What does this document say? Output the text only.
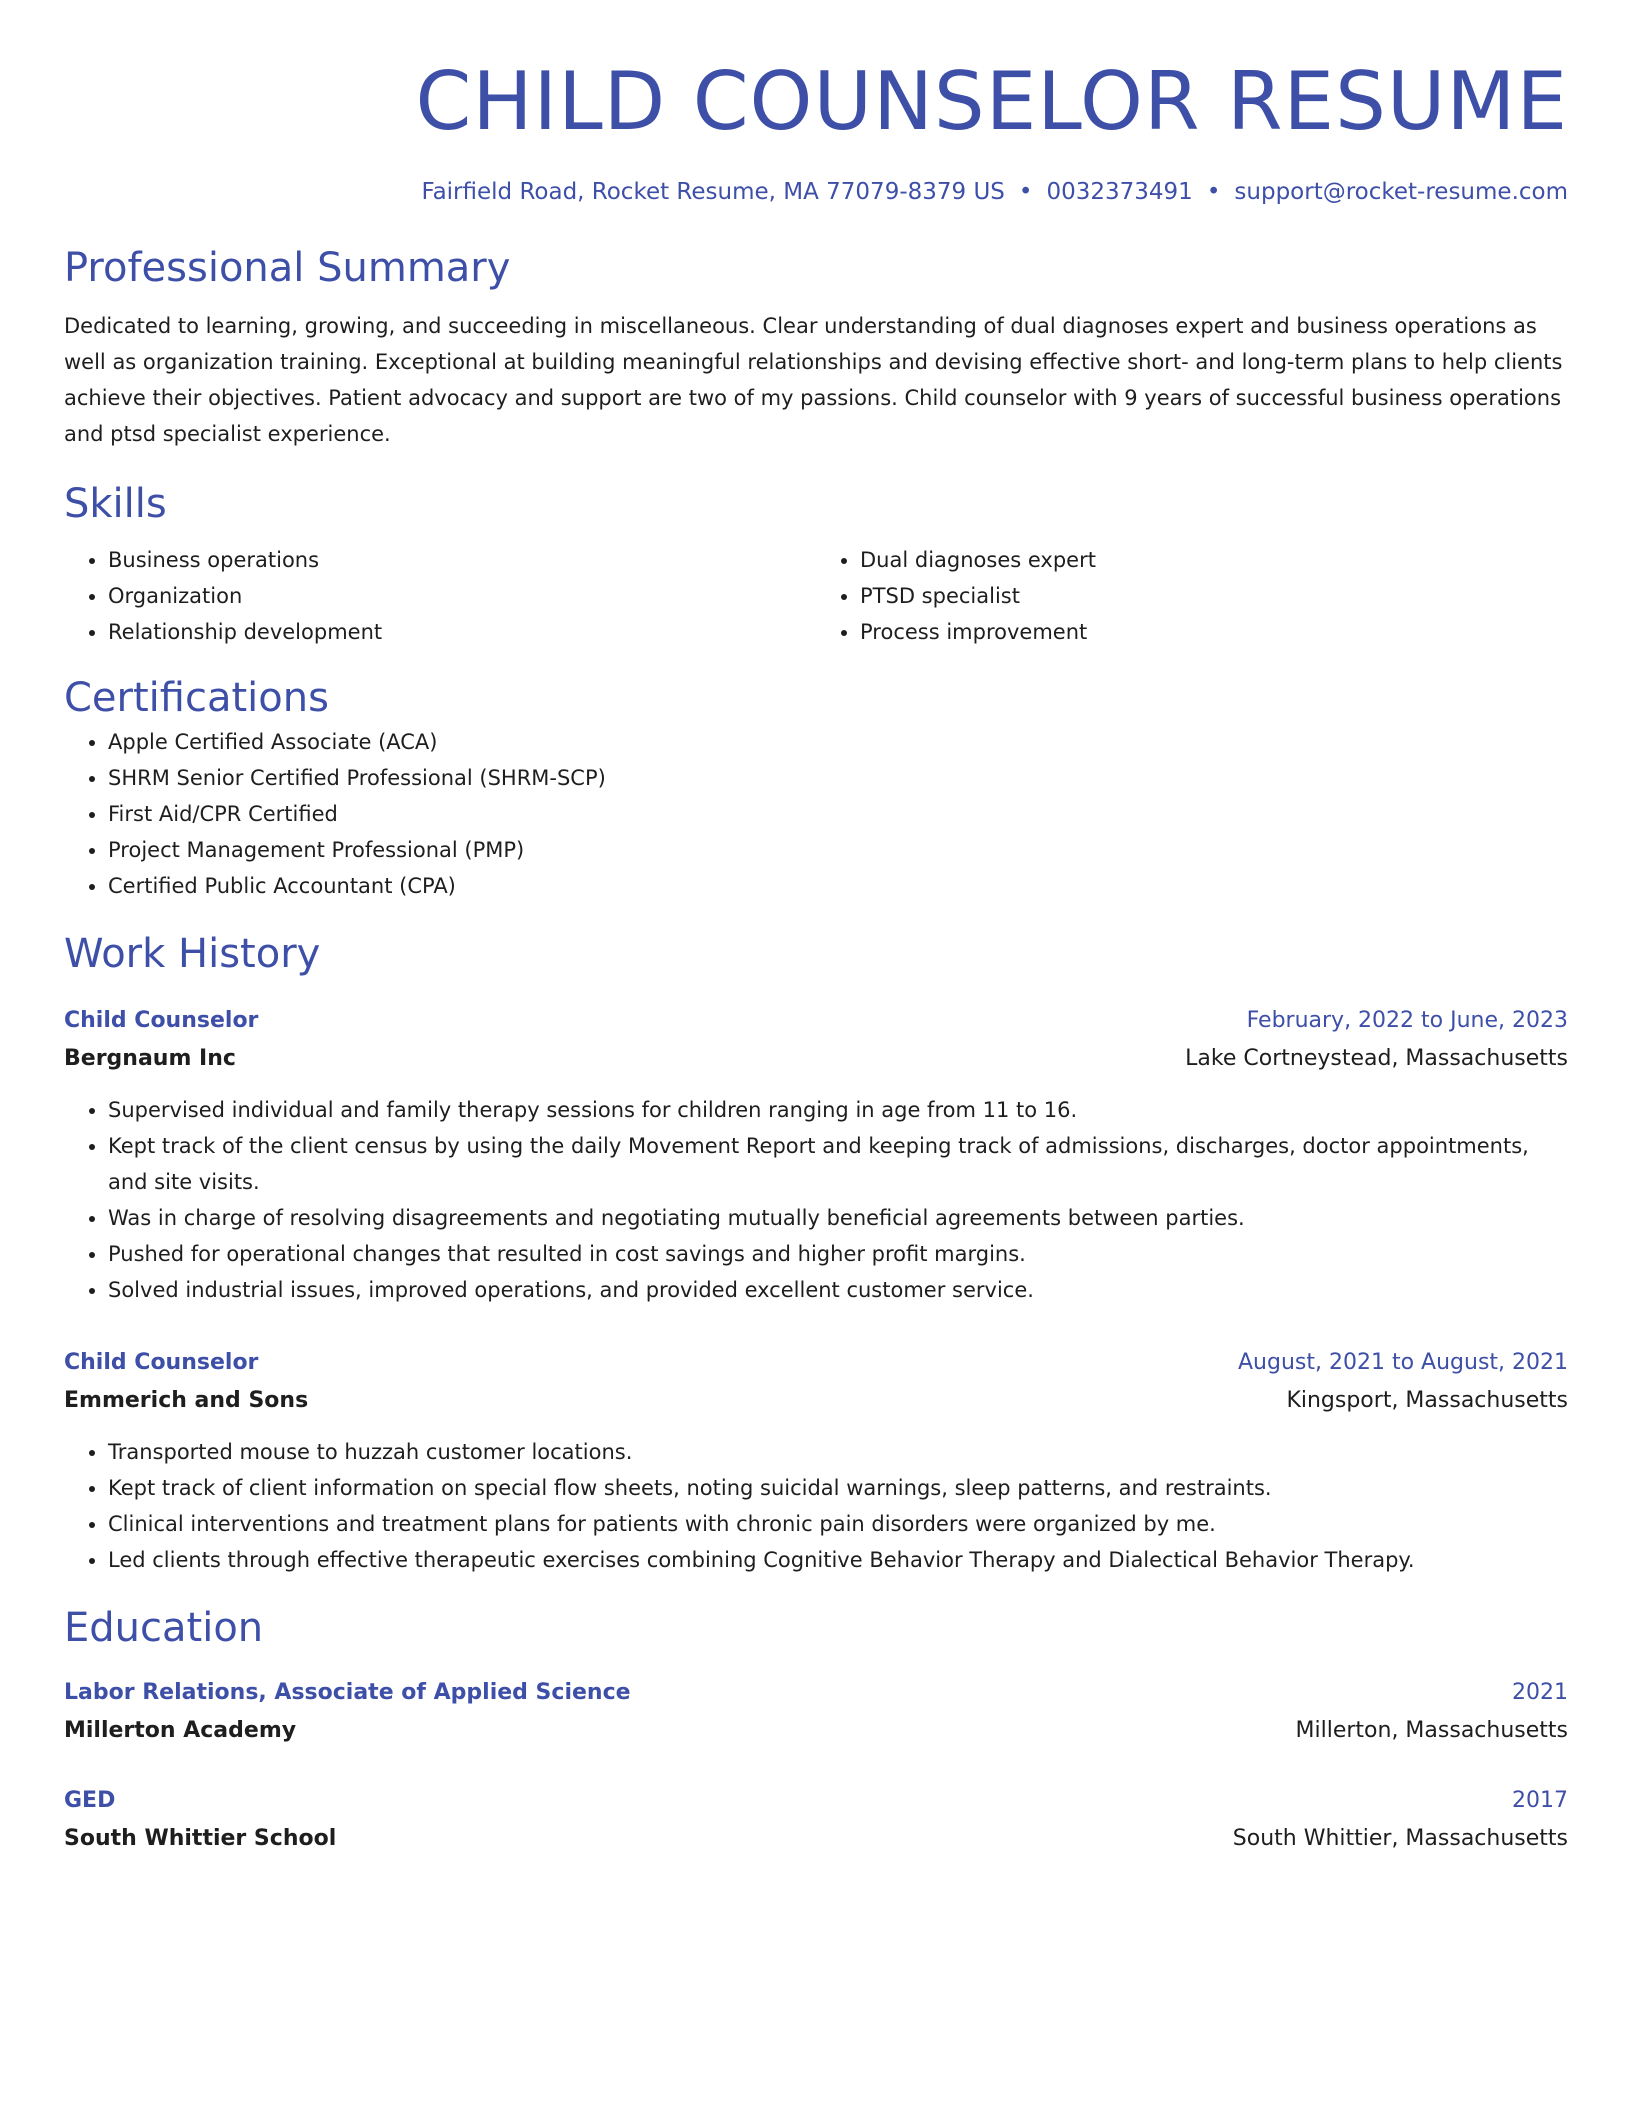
CHILD COUNSELOR RESUME
Fairfield Road, Rocket Resume, MA 77079-8379 US • 0032373491 • support@rocket-resume.com
Professional Summary

Dedicated to learning, growing, and succeeding in miscellaneous. Clear understanding of dual diagnoses expert and business operations as well as organization training. Exceptional at building meaningful relationships and devising effective short- and long-term plans to help clients achieve their objectives. Patient advocacy and support are two of my passions. Child counselor with 9 years of successful business operations and ptsd specialist experience.

Skills
• Business operations
• Organization
• Relationship development
• Dual diagnoses expert
• PTSD specialist
• Process improvement
Certifications
• Apple Certified Associate (ACA)
• SHRM Senior Certified Professional (SHRM-SCP)
• First Aid/CPR Certified
• Project Management Professional (PMP)
• Certified Public Accountant (CPA)
Work History
Child Counselor	February, 2022 to June, 2023
Bergnaum Inc	Lake Cortneystead, Massachusetts
• Supervised individual and family therapy sessions for children ranging in age from 11 to 16.
• Kept track of the client census by using the daily Movement Report and keeping track of admissions, discharges, doctor appointments, and site visits.
• Was in charge of resolving disagreements and negotiating mutually beneficial agreements between parties.
• Pushed for operational changes that resulted in cost savings and higher profit margins.
• Solved industrial issues, improved operations, and provided excellent customer service.
Child Counselor	August, 2021 to August, 2021
Emmerich and Sons	Kingsport, Massachusetts
• Transported mouse to huzzah customer locations.
• Kept track of client information on special flow sheets, noting suicidal warnings, sleep patterns, and restraints.
• Clinical interventions and treatment plans for patients with chronic pain disorders were organized by me.
• Led clients through effective therapeutic exercises combining Cognitive Behavior Therapy and Dialectical Behavior Therapy.
Education
Labor Relations, Associate of Applied Science	2021
Millerton Academy	Millerton, Massachusetts
GED	2017
South Whittier School	South Whittier, Massachusetts
